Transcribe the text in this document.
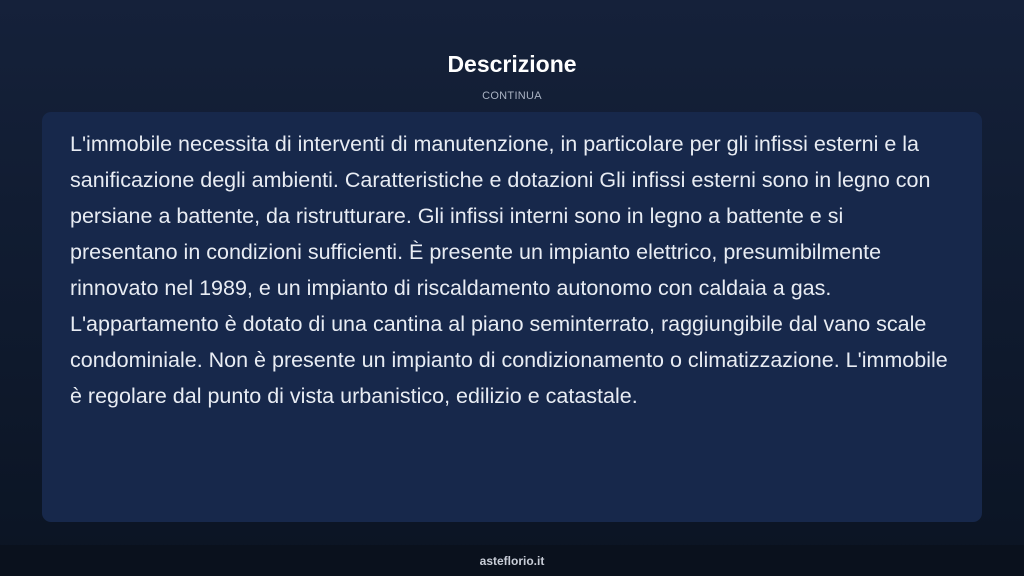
Descrizione
CONTINUA

L'immobile necessita di interventi di manutenzione, in particolare per gli infissi esterni e la sanificazione degli ambienti. Caratteristiche e dotazioni Gli infissi esterni sono in legno con persiane a battente, da ristrutturare. Gli infissi interni sono in legno a battente e si presentano in condizioni sufficienti. È presente un impianto elettrico, presumibilmente rinnovato nel 1989, e un impianto di riscaldamento autonomo con caldaia a gas. L'appartamento è dotato di una cantina al piano seminterrato, raggiungibile dal vano scale condominiale. Non è presente un impianto di condizionamento o climatizzazione. L'immobile è regolare dal punto di vista urbanistico, edilizio e catastale.

asteflorio.it
